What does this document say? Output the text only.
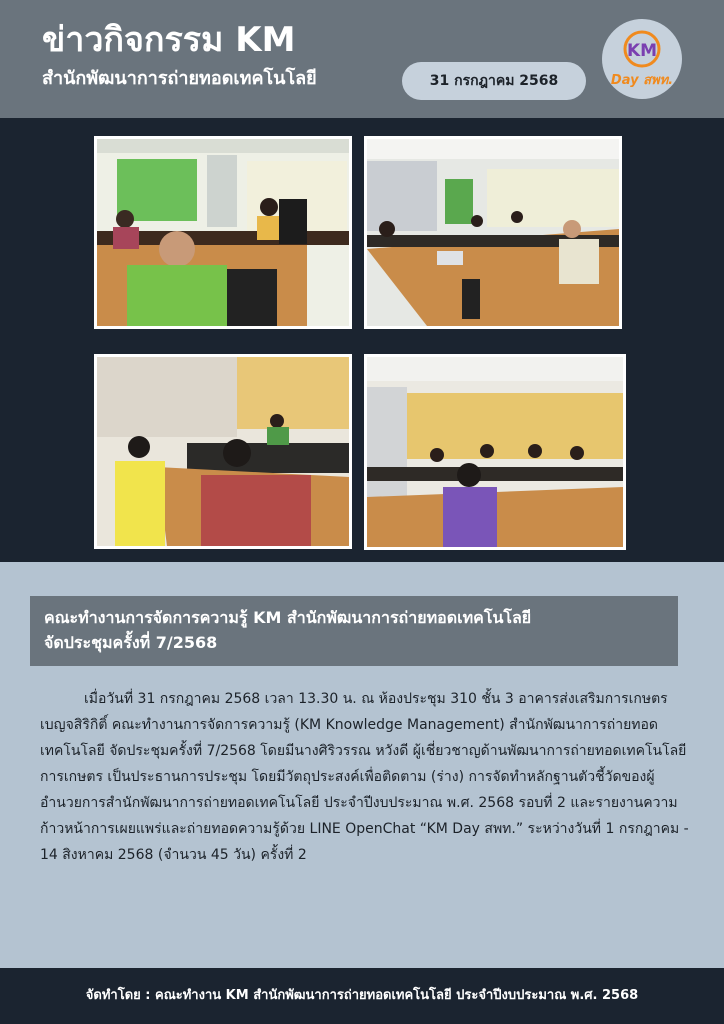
ข่าวกิจกรรม KM
สำนักพัฒนาการถ่ายทอดเทคโนโลยี	31 กรกฎาคม 2568
KM
Day สพท.
คณะทำงานการจัดการความรู้ KM สำนักพัฒนาการถ่ายทอดเทคโนโลยี
จัดประชุมครั้งที่ 7/2568

เมื่อวันที่ 31 กรกฎาคม 2568 เวลา 13.30 น. ณ ห้องประชุม 310 ชั้น 3 อาคารส่งเสริมการเกษตรเบญจสิริกิติ์ คณะทำงานการจัดการความรู้ (KM Knowledge Management) สำนักพัฒนาการถ่ายทอดเทคโนโลยี จัดประชุมครั้งที่ 7/2568 โดยมีนางศิริวรรณ หวังดี ผู้เชี่ยวชาญด้านพัฒนาการถ่ายทอดเทคโนโลยีการเกษตร เป็นประธานการประชุม โดยมีวัตถุประสงค์เพื่อติดตาม (ร่าง) การจัดทำหลักฐานตัวชี้วัดของผู้อำนวยการสำนักพัฒนาการถ่ายทอดเทคโนโลยี ประจำปีงบประมาณ พ.ศ. 2568 รอบที่ 2 และรายงานความก้าวหน้าการเผยแพร่และถ่ายทอดความรู้ด้วย LINE OpenChat “KM Day สพท.” ระหว่างวันที่ 1 กรกฎาคม - 14 สิงหาคม 2568 (จำนวน 45 วัน) ครั้งที่ 2

จัดทำโดย : คณะทำงาน KM สำนักพัฒนาการถ่ายทอดเทคโนโลยี ประจำปีงบประมาณ พ.ศ. 2568
